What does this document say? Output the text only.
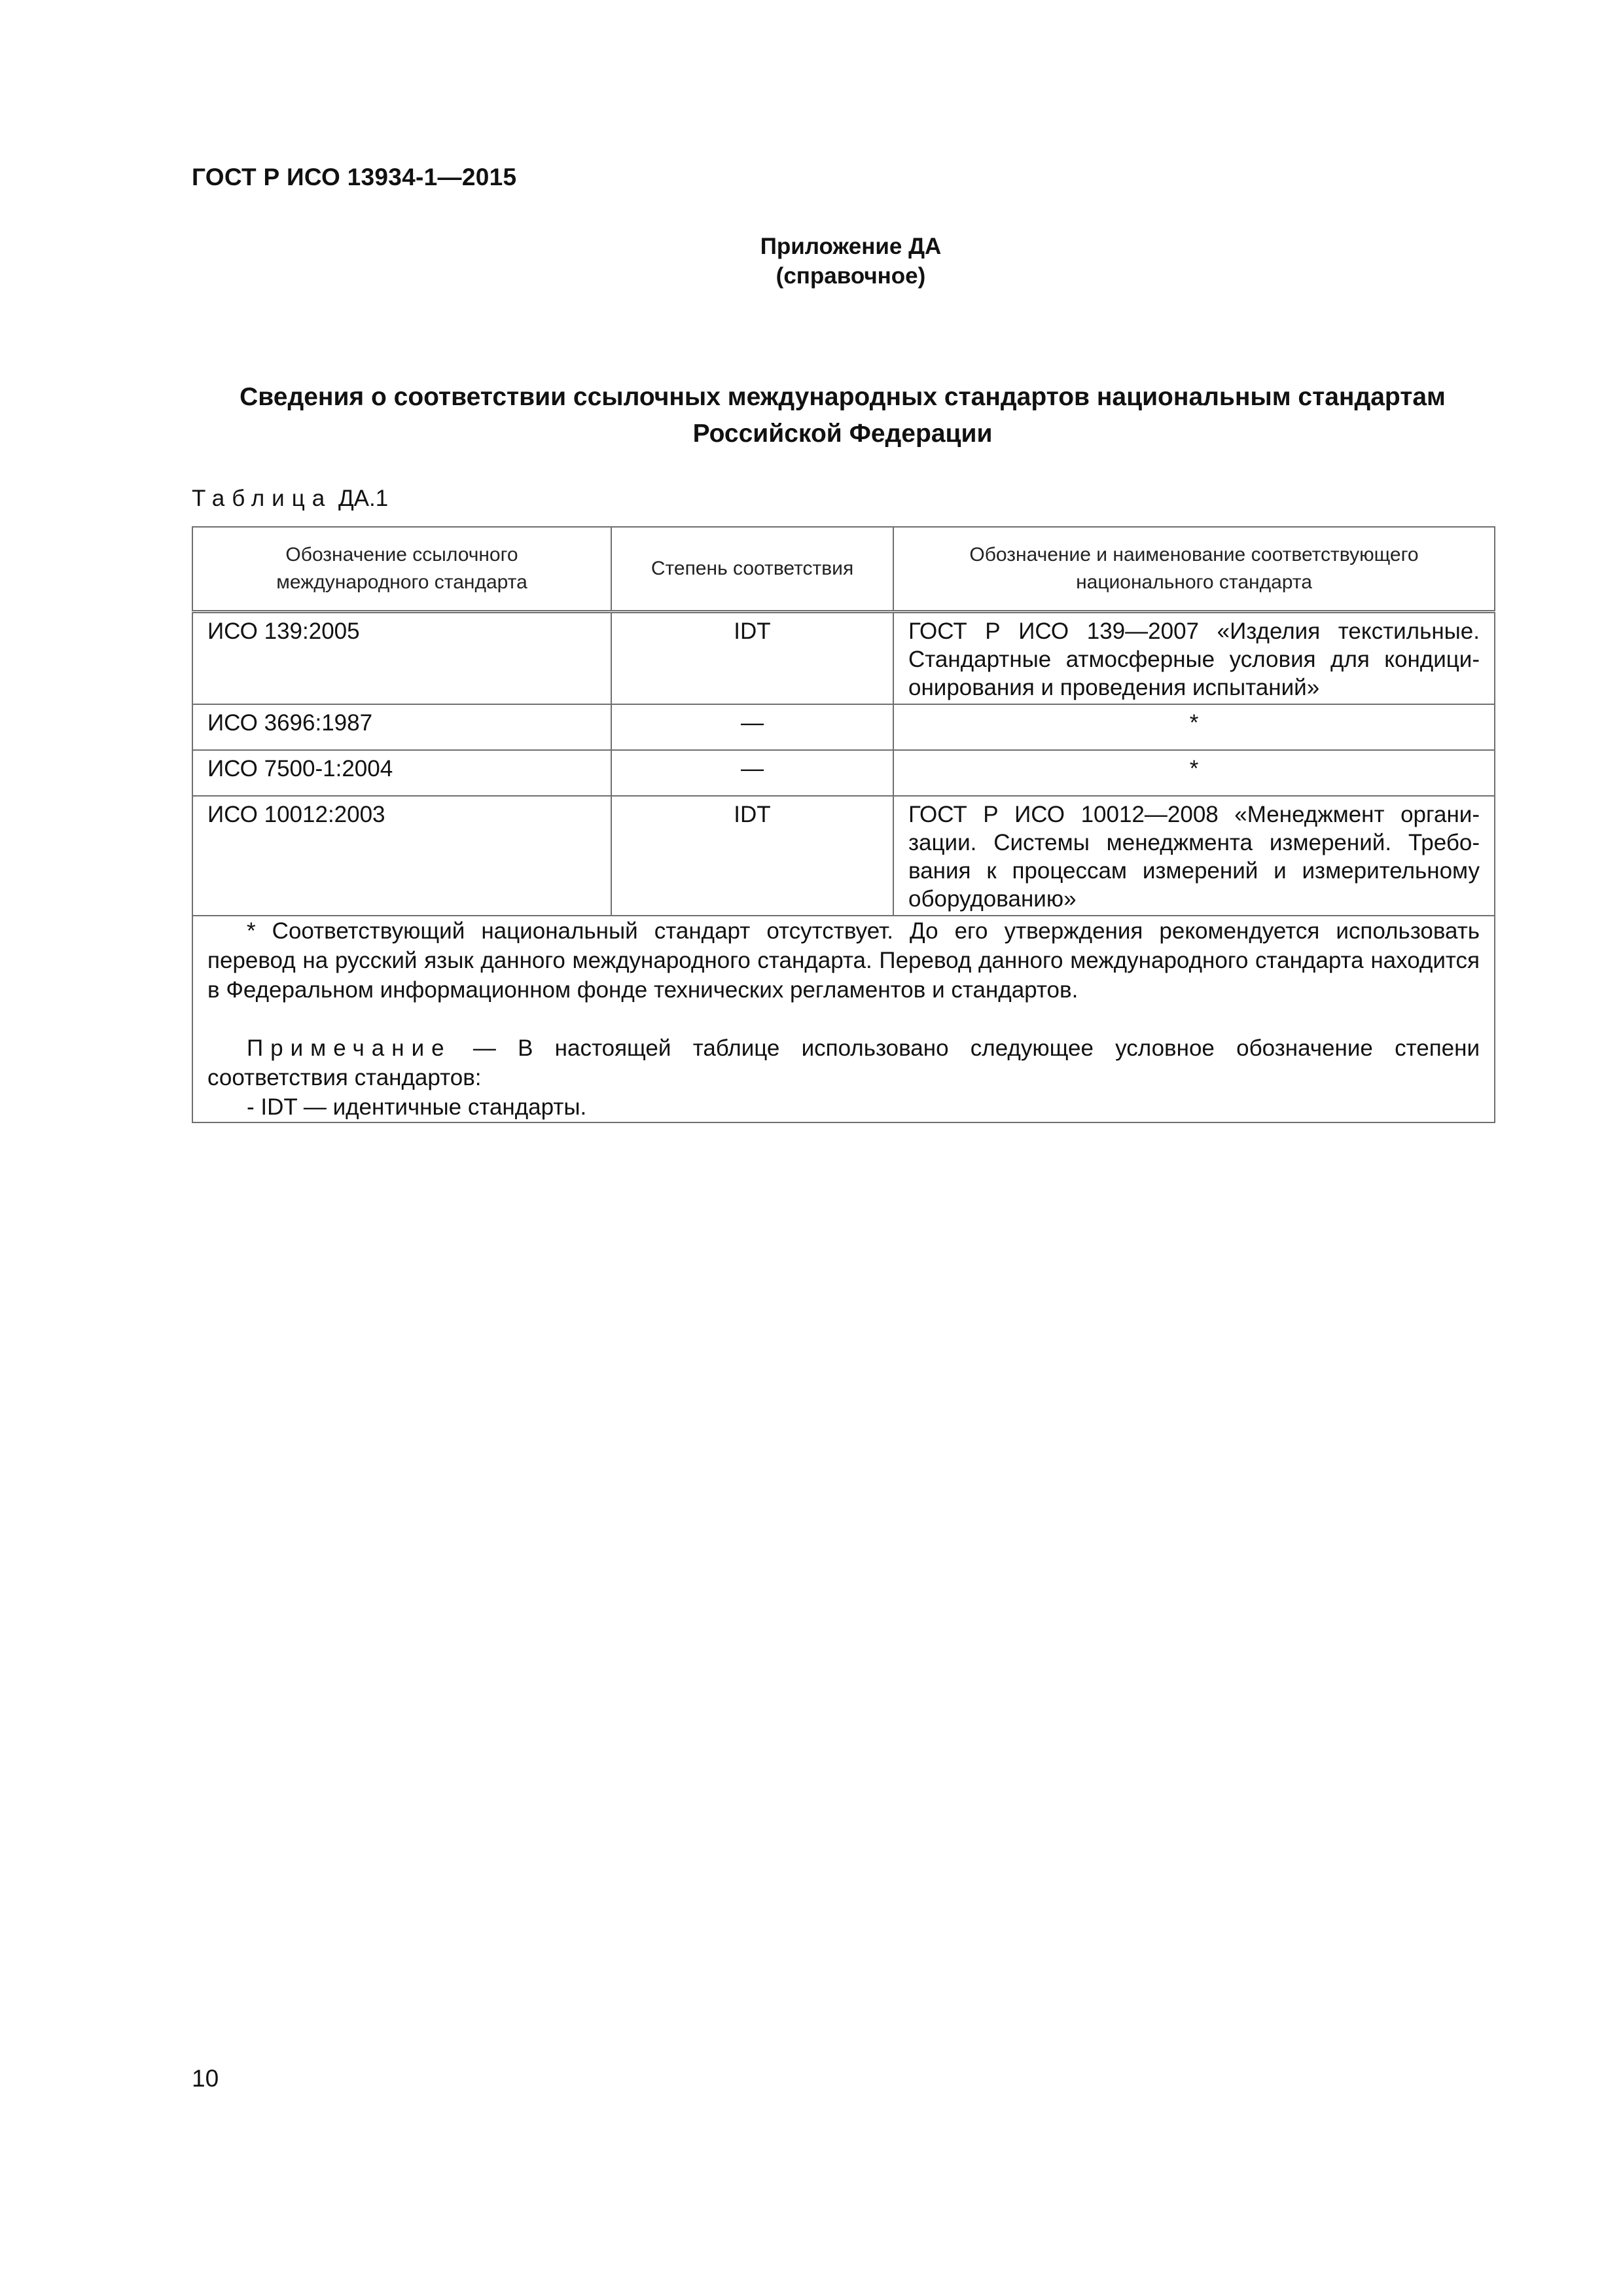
ГОСТ Р ИСО 13934-1—2015
Приложение ДА
(справочное)
Сведения о соответствии ссылочных международных стандартов национальным стандартам
Российской Федерации
Таблица ДА.1
Обозначение ссылочного международного стандарта	Степень соответствия	Обозначение и наименование соответствующего национального стандарта
ИСО 139:2005	IDT	ГОСТ Р ИСО 139—2007 «Изделия текстильные. Стандартные атмосферные условия для кондиционирования и проведения испытаний»
ИСО 3696:1987	—	*
ИСО 7500-1:2004	—	*
ИСО 10012:2003	IDT	ГОСТ Р ИСО 10012—2008 «Менеджмент организации. Системы менеджмента измерений. Требования к процессам измерений и измерительному оборудованию»

* Соответствующий национальный стандарт отсутствует. До его утверждения рекомендуется использовать перевод на русский язык данного международного стандарта. Перевод данного международного стандарта находится в Федеральном информационном фонде технических регламентов и стандартов.

Примечание — В настоящей таблице использовано следующее условное обозначение степени соответствия стандартов:

- IDT — идентичные стандарты.		

10
